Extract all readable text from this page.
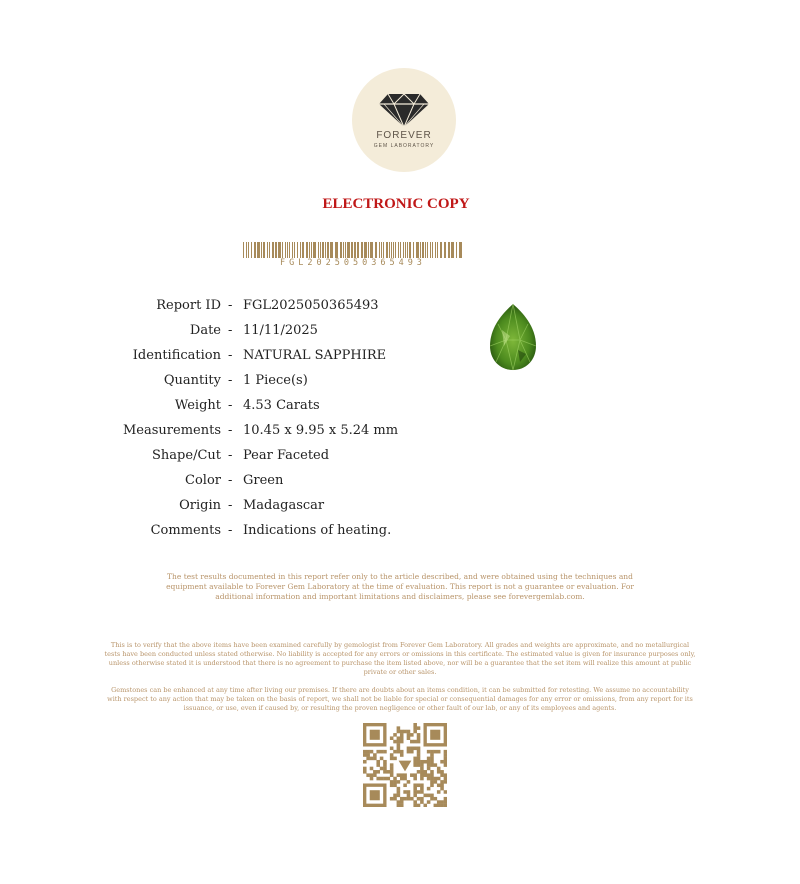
FOREVER
GEM LABORATORY
ELECTRONIC COPY
FGL2025050365493
Report ID - FGL2025050365493
Date - 11/11/2025
Identification - NATURAL SAPPHIRE
Quantity - 1 Piece(s)
Weight - 4.53 Carats
Measurements - 10.45 x 9.95 x 5.24 mm
Shape/Cut - Pear Faceted
Color - Green
Origin - Madagascar
Comments - Indications of heating.
The test results documented in this report refer only to the article described, and were obtained using the techniques and equipment available to Forever Gem Laboratory at the time of evaluation. This report is not a guarantee or evaluation. For additional information and important limitations and disclaimers, please see forevergemlab.com.
This is to verify that the above items have been examined carefully by gemologist from Forever Gem Laboratory. All grades and weights are approximate, and no metallurgical tests have been conducted unless stated otherwise. No liability is accepted for any errors or omissions in this certificate. The estimated value is given for insurance purposes only, unless otherwise stated it is understood that there is no agreement to purchase the item listed above, nor will be a guarantee that the set item will realize this amount at public private or other sales.
Gemstones can be enhanced at any time after living our premises. If there are doubts about an items condition, it can be submitted for retesting. We assume no accountability with respect to any action that may be taken on the basis of report, we shall not be liable for special or consequential damages for any error or omissions, from any report for its issuance, or use, even if caused by, or resulting the proven negligence or other fault of our lab, or any of its employees and agents.
